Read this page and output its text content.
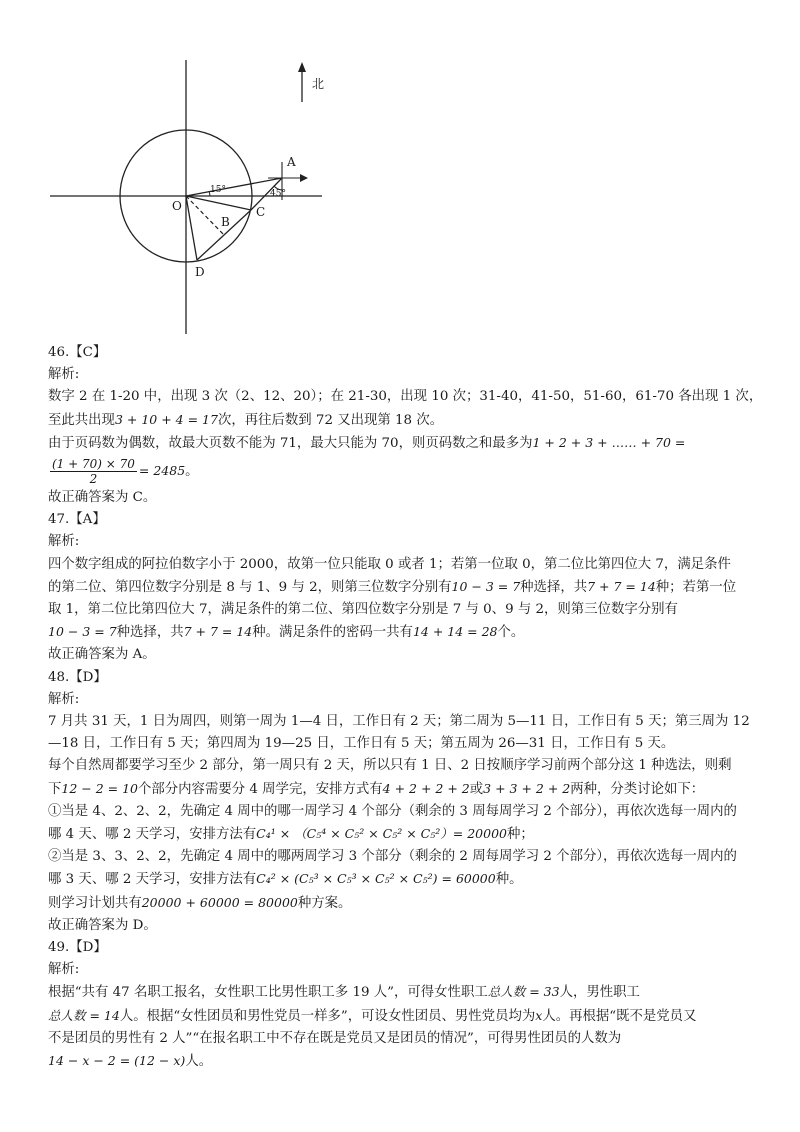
北
O
A
B
C
D
15°	45°
46.【C】
解析:
数字 2 在 1-20 中，出现 3 次（2、12、20）；在 21-30，出现 10 次；31-40，41-50，51-60，61-70 各出现 1 次，
至此共出现3 + 10 + 4 = 17次，再往后数到 72 又出现第 18 次。
由于页码数为偶数，故最大页数不能为 71，最大只能为 70，则页码数之和最多为1 + 2 + 3 + …… + 70 =
$\frac{(1 + 70) \times 70}{2} = 2485$。
故正确答案为 C。
47.【A】
解析:
四个数字组成的阿拉伯数字小于 2000，故第一位只能取 0 或者 1；若第一位取 0，第二位比第四位大 7，满足条件
的第二位、第四位数字分别是 8 与 1、9 与 2，则第三位数字分别有10 − 3 = 7种选择，共7 + 7 = 14种；若第一位
取 1，第二位比第四位大 7，满足条件的第二位、第四位数字分别是 7 与 0、9 与 2，则第三位数字分别有
10 − 3 = 7种选择，共7 + 7 = 14种。满足条件的密码一共有14 + 14 = 28个。
故正确答案为 A。
48.【D】
解析:
7 月共 31 天，1 日为周四，则第一周为 1—4 日，工作日有 2 天；第二周为 5—11 日，工作日有 5 天；第三周为 12
—18 日，工作日有 5 天；第四周为 19—25 日，工作日有 5 天；第五周为 26—31 日，工作日有 5 天。
每个自然周都要学习至少 2 部分，第一周只有 2 天，所以只有 1 日、2 日按顺序学习前两个部分这 1 种选法，则剩
下12 − 2 = 10个部分内容需要分 4 周学完，安排方式有4 + 2 + 2 + 2或3 + 3 + 2 + 2两种，分类讨论如下：
①当是 4、2、2、2，先确定 4 周中的哪一周学习 4 个部分（剩余的 3 周每周学习 2 个部分），再依次选每一周内的
哪 4 天、哪 2 天学习，安排方法有C₄¹ × （C₅⁴ × C₅² × C₅² × C₅²）= 20000种；
②当是 3、3、2、2，先确定 4 周中的哪两周学习 3 个部分（剩余的 2 周每周学习 2 个部分），再依次选每一周内的
哪 3 天、哪 2 天学习，安排方法有C₄² × (C₅³ × C₅³ × C₅² × C₅²) = 60000种。
则学习计划共有20000 + 60000 = 80000种方案。
故正确答案为 D。
49.【D】
解析:
根据“共有 47 名职工报名，女性职工比男性职工多 19 人”，可得女性职工总人数 = 33人，男性职工
总人数 = 14人。根据“女性团员和男性党员一样多”，可设女性团员、男性党员均为x人。再根据“既不是党员又
不是团员的男性有 2 人”“在报名职工中不存在既是党员又是团员的情况”，可得男性团员的人数为
14 − x − 2 = (12 − x)人。
